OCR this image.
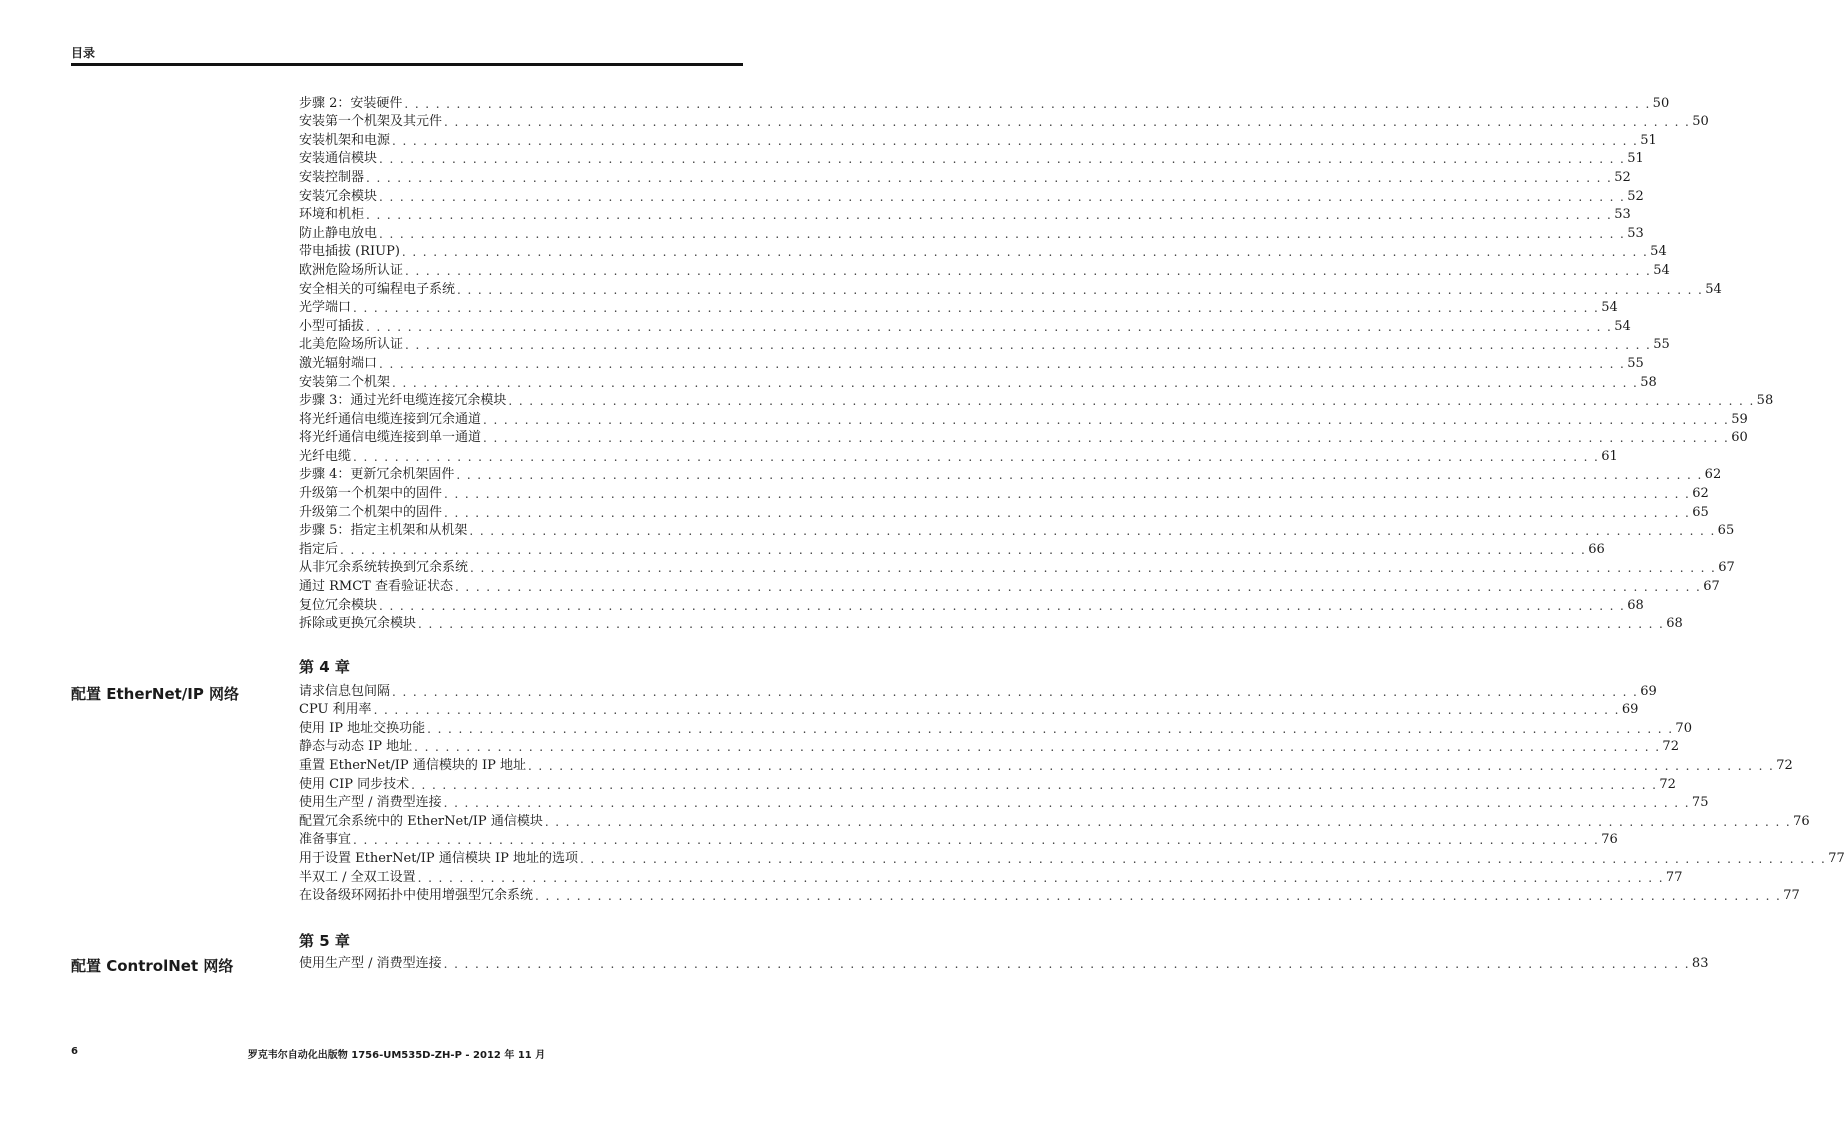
目录
步骤 2：安装硬件 . . . . . . . . . . . . . . . . . . . . . . . . . . . . . . . . . . . . . . . . . . . . . . . . . . . . . . . . . . . . . . . . . . . . . . . . . . . . . . . . . . . . . . . . . . . . . . . . . . . . . . . . . . . . . . . . . . . . . . . . 50
安装第一个机架及其元件 . . . . . . . . . . . . . . . . . . . . . . . . . . . . . . . . . . . . . . . . . . . . . . . . . . . . . . . . . . . . . . . . . . . . . . . . . . . . . . . . . . . . . . . . . . . . . . . . . . . . . . . . . . . . . . . . . . . . . . . . 50
安装机架和电源 . . . . . . . . . . . . . . . . . . . . . . . . . . . . . . . . . . . . . . . . . . . . . . . . . . . . . . . . . . . . . . . . . . . . . . . . . . . . . . . . . . . . . . . . . . . . . . . . . . . . . . . . . . . . . . . . . . . . . . . . 51
安装通信模块 . . . . . . . . . . . . . . . . . . . . . . . . . . . . . . . . . . . . . . . . . . . . . . . . . . . . . . . . . . . . . . . . . . . . . . . . . . . . . . . . . . . . . . . . . . . . . . . . . . . . . . . . . . . . . . . . . . . . . . . . 51
安装控制器 . . . . . . . . . . . . . . . . . . . . . . . . . . . . . . . . . . . . . . . . . . . . . . . . . . . . . . . . . . . . . . . . . . . . . . . . . . . . . . . . . . . . . . . . . . . . . . . . . . . . . . . . . . . . . . . . . . . . . . . . 52
安装冗余模块 . . . . . . . . . . . . . . . . . . . . . . . . . . . . . . . . . . . . . . . . . . . . . . . . . . . . . . . . . . . . . . . . . . . . . . . . . . . . . . . . . . . . . . . . . . . . . . . . . . . . . . . . . . . . . . . . . . . . . . . . 52
环境和机柜 . . . . . . . . . . . . . . . . . . . . . . . . . . . . . . . . . . . . . . . . . . . . . . . . . . . . . . . . . . . . . . . . . . . . . . . . . . . . . . . . . . . . . . . . . . . . . . . . . . . . . . . . . . . . . . . . . . . . . . . . 53
防止静电放电 . . . . . . . . . . . . . . . . . . . . . . . . . . . . . . . . . . . . . . . . . . . . . . . . . . . . . . . . . . . . . . . . . . . . . . . . . . . . . . . . . . . . . . . . . . . . . . . . . . . . . . . . . . . . . . . . . . . . . . . . 53
带电插拔 (RIUP) . . . . . . . . . . . . . . . . . . . . . . . . . . . . . . . . . . . . . . . . . . . . . . . . . . . . . . . . . . . . . . . . . . . . . . . . . . . . . . . . . . . . . . . . . . . . . . . . . . . . . . . . . . . . . . . . . . . . . . . . 54
欧洲危险场所认证 . . . . . . . . . . . . . . . . . . . . . . . . . . . . . . . . . . . . . . . . . . . . . . . . . . . . . . . . . . . . . . . . . . . . . . . . . . . . . . . . . . . . . . . . . . . . . . . . . . . . . . . . . . . . . . . . . . . . . . . . 54
安全相关的可编程电子系统 . . . . . . . . . . . . . . . . . . . . . . . . . . . . . . . . . . . . . . . . . . . . . . . . . . . . . . . . . . . . . . . . . . . . . . . . . . . . . . . . . . . . . . . . . . . . . . . . . . . . . . . . . . . . . . . . . . . . . . . . 54
光学端口 . . . . . . . . . . . . . . . . . . . . . . . . . . . . . . . . . . . . . . . . . . . . . . . . . . . . . . . . . . . . . . . . . . . . . . . . . . . . . . . . . . . . . . . . . . . . . . . . . . . . . . . . . . . . . . . . . . . . . . . . 54
小型可插拔 . . . . . . . . . . . . . . . . . . . . . . . . . . . . . . . . . . . . . . . . . . . . . . . . . . . . . . . . . . . . . . . . . . . . . . . . . . . . . . . . . . . . . . . . . . . . . . . . . . . . . . . . . . . . . . . . . . . . . . . . 54
北美危险场所认证 . . . . . . . . . . . . . . . . . . . . . . . . . . . . . . . . . . . . . . . . . . . . . . . . . . . . . . . . . . . . . . . . . . . . . . . . . . . . . . . . . . . . . . . . . . . . . . . . . . . . . . . . . . . . . . . . . . . . . . . . 55
激光辐射端口 . . . . . . . . . . . . . . . . . . . . . . . . . . . . . . . . . . . . . . . . . . . . . . . . . . . . . . . . . . . . . . . . . . . . . . . . . . . . . . . . . . . . . . . . . . . . . . . . . . . . . . . . . . . . . . . . . . . . . . . . 55
安装第二个机架 . . . . . . . . . . . . . . . . . . . . . . . . . . . . . . . . . . . . . . . . . . . . . . . . . . . . . . . . . . . . . . . . . . . . . . . . . . . . . . . . . . . . . . . . . . . . . . . . . . . . . . . . . . . . . . . . . . . . . . . . 58
步骤 3：通过光纤电缆连接冗余模块 . . . . . . . . . . . . . . . . . . . . . . . . . . . . . . . . . . . . . . . . . . . . . . . . . . . . . . . . . . . . . . . . . . . . . . . . . . . . . . . . . . . . . . . . . . . . . . . . . . . . . . . . . . . . . . . . . . . . . . . . 58
将光纤通信电缆连接到冗余通道 . . . . . . . . . . . . . . . . . . . . . . . . . . . . . . . . . . . . . . . . . . . . . . . . . . . . . . . . . . . . . . . . . . . . . . . . . . . . . . . . . . . . . . . . . . . . . . . . . . . . . . . . . . . . . . . . . . . . . . . . 59
将光纤通信电缆连接到单一通道 . . . . . . . . . . . . . . . . . . . . . . . . . . . . . . . . . . . . . . . . . . . . . . . . . . . . . . . . . . . . . . . . . . . . . . . . . . . . . . . . . . . . . . . . . . . . . . . . . . . . . . . . . . . . . . . . . . . . . . . . 60
光纤电缆 . . . . . . . . . . . . . . . . . . . . . . . . . . . . . . . . . . . . . . . . . . . . . . . . . . . . . . . . . . . . . . . . . . . . . . . . . . . . . . . . . . . . . . . . . . . . . . . . . . . . . . . . . . . . . . . . . . . . . . . . 61
步骤 4：更新冗余机架固件 . . . . . . . . . . . . . . . . . . . . . . . . . . . . . . . . . . . . . . . . . . . . . . . . . . . . . . . . . . . . . . . . . . . . . . . . . . . . . . . . . . . . . . . . . . . . . . . . . . . . . . . . . . . . . . . . . . . . . . . . 62
升级第一个机架中的固件 . . . . . . . . . . . . . . . . . . . . . . . . . . . . . . . . . . . . . . . . . . . . . . . . . . . . . . . . . . . . . . . . . . . . . . . . . . . . . . . . . . . . . . . . . . . . . . . . . . . . . . . . . . . . . . . . . . . . . . . . 62
升级第二个机架中的固件 . . . . . . . . . . . . . . . . . . . . . . . . . . . . . . . . . . . . . . . . . . . . . . . . . . . . . . . . . . . . . . . . . . . . . . . . . . . . . . . . . . . . . . . . . . . . . . . . . . . . . . . . . . . . . . . . . . . . . . . . 65
步骤 5：指定主机架和从机架 . . . . . . . . . . . . . . . . . . . . . . . . . . . . . . . . . . . . . . . . . . . . . . . . . . . . . . . . . . . . . . . . . . . . . . . . . . . . . . . . . . . . . . . . . . . . . . . . . . . . . . . . . . . . . . . . . . . . . . . . 65
指定后 . . . . . . . . . . . . . . . . . . . . . . . . . . . . . . . . . . . . . . . . . . . . . . . . . . . . . . . . . . . . . . . . . . . . . . . . . . . . . . . . . . . . . . . . . . . . . . . . . . . . . . . . . . . . . . . . . . . . . . . . 66
从非冗余系统转换到冗余系统 . . . . . . . . . . . . . . . . . . . . . . . . . . . . . . . . . . . . . . . . . . . . . . . . . . . . . . . . . . . . . . . . . . . . . . . . . . . . . . . . . . . . . . . . . . . . . . . . . . . . . . . . . . . . . . . . . . . . . . . . 67
通过 RMCT 查看验证状态 . . . . . . . . . . . . . . . . . . . . . . . . . . . . . . . . . . . . . . . . . . . . . . . . . . . . . . . . . . . . . . . . . . . . . . . . . . . . . . . . . . . . . . . . . . . . . . . . . . . . . . . . . . . . . . . . . . . . . . . . 67
复位冗余模块 . . . . . . . . . . . . . . . . . . . . . . . . . . . . . . . . . . . . . . . . . . . . . . . . . . . . . . . . . . . . . . . . . . . . . . . . . . . . . . . . . . . . . . . . . . . . . . . . . . . . . . . . . . . . . . . . . . . . . . . . 68
拆除或更换冗余模块 . . . . . . . . . . . . . . . . . . . . . . . . . . . . . . . . . . . . . . . . . . . . . . . . . . . . . . . . . . . . . . . . . . . . . . . . . . . . . . . . . . . . . . . . . . . . . . . . . . . . . . . . . . . . . . . . . . . . . . . . 68
第 4 章
配置 EtherNet/IP 网络	请求信息包间隔 . . . . . . . . . . . . . . . . . . . . . . . . . . . . . . . . . . . . . . . . . . . . . . . . . . . . . . . . . . . . . . . . . . . . . . . . . . . . . . . . . . . . . . . . . . . . . . . . . . . . . . . . . . . . . . . . . . . . . . . . 69
CPU 利用率 . . . . . . . . . . . . . . . . . . . . . . . . . . . . . . . . . . . . . . . . . . . . . . . . . . . . . . . . . . . . . . . . . . . . . . . . . . . . . . . . . . . . . . . . . . . . . . . . . . . . . . . . . . . . . . . . . . . . . . . . 69
使用 IP 地址交换功能 . . . . . . . . . . . . . . . . . . . . . . . . . . . . . . . . . . . . . . . . . . . . . . . . . . . . . . . . . . . . . . . . . . . . . . . . . . . . . . . . . . . . . . . . . . . . . . . . . . . . . . . . . . . . . . . . . . . . . . . . 70
静态与动态 IP 地址 . . . . . . . . . . . . . . . . . . . . . . . . . . . . . . . . . . . . . . . . . . . . . . . . . . . . . . . . . . . . . . . . . . . . . . . . . . . . . . . . . . . . . . . . . . . . . . . . . . . . . . . . . . . . . . . . . . . . . . . . 72
重置 EtherNet/IP 通信模块的 IP 地址 . . . . . . . . . . . . . . . . . . . . . . . . . . . . . . . . . . . . . . . . . . . . . . . . . . . . . . . . . . . . . . . . . . . . . . . . . . . . . . . . . . . . . . . . . . . . . . . . . . . . . . . . . . . . . . . . . . . . . . . . 72
使用 CIP 同步技术 . . . . . . . . . . . . . . . . . . . . . . . . . . . . . . . . . . . . . . . . . . . . . . . . . . . . . . . . . . . . . . . . . . . . . . . . . . . . . . . . . . . . . . . . . . . . . . . . . . . . . . . . . . . . . . . . . . . . . . . . 72
使用生产型 / 消费型连接 . . . . . . . . . . . . . . . . . . . . . . . . . . . . . . . . . . . . . . . . . . . . . . . . . . . . . . . . . . . . . . . . . . . . . . . . . . . . . . . . . . . . . . . . . . . . . . . . . . . . . . . . . . . . . . . . . . . . . . . . 75
配置冗余系统中的 EtherNet/IP 通信模块 . . . . . . . . . . . . . . . . . . . . . . . . . . . . . . . . . . . . . . . . . . . . . . . . . . . . . . . . . . . . . . . . . . . . . . . . . . . . . . . . . . . . . . . . . . . . . . . . . . . . . . . . . . . . . . . . . . . . . . . . 76
准备事宜 . . . . . . . . . . . . . . . . . . . . . . . . . . . . . . . . . . . . . . . . . . . . . . . . . . . . . . . . . . . . . . . . . . . . . . . . . . . . . . . . . . . . . . . . . . . . . . . . . . . . . . . . . . . . . . . . . . . . . . . . 76
用于设置 EtherNet/IP 通信模块 IP 地址的选项 . . . . . . . . . . . . . . . . . . . . . . . . . . . . . . . . . . . . . . . . . . . . . . . . . . . . . . . . . . . . . . . . . . . . . . . . . . . . . . . . . . . . . . . . . . . . . . . . . . . . . . . . . . . . . . . . . . . . . . . . 77
半双工 / 全双工设置 . . . . . . . . . . . . . . . . . . . . . . . . . . . . . . . . . . . . . . . . . . . . . . . . . . . . . . . . . . . . . . . . . . . . . . . . . . . . . . . . . . . . . . . . . . . . . . . . . . . . . . . . . . . . . . . . . . . . . . . . 77
在设备级环网拓扑中使用增强型冗余系统 . . . . . . . . . . . . . . . . . . . . . . . . . . . . . . . . . . . . . . . . . . . . . . . . . . . . . . . . . . . . . . . . . . . . . . . . . . . . . . . . . . . . . . . . . . . . . . . . . . . . . . . . . . . . . . . . . . . . . . . . 77
第 5 章
配置 ControlNet 网络	使用生产型 / 消费型连接 . . . . . . . . . . . . . . . . . . . . . . . . . . . . . . . . . . . . . . . . . . . . . . . . . . . . . . . . . . . . . . . . . . . . . . . . . . . . . . . . . . . . . . . . . . . . . . . . . . . . . . . . . . . . . . . . . . . . . . . . 83
6	罗克韦尔自动化出版物 1756-UM535D-ZH-P - 2012 年 11 月
